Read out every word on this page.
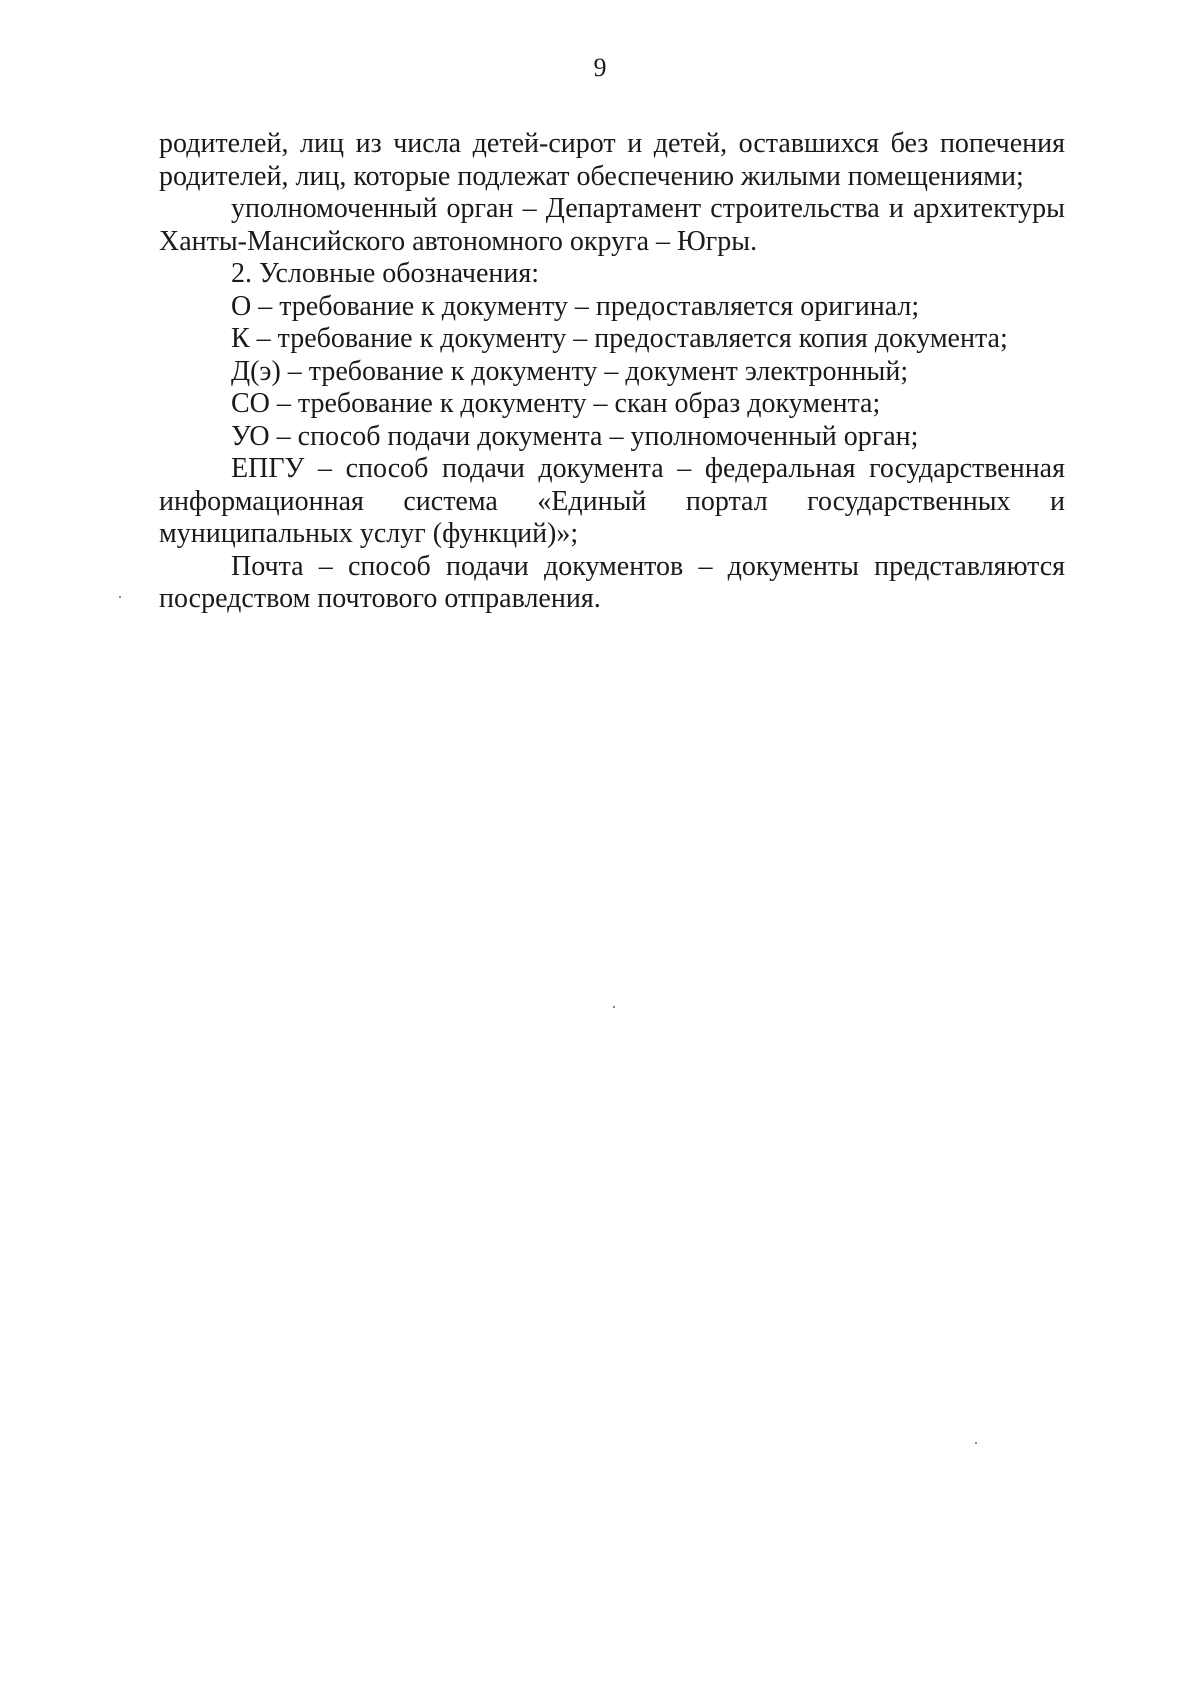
9

родителей, лиц из числа детей-сирот и детей, оставшихся без попечения родителей, лиц, которые подлежат обеспечению жилыми помещениями;

уполномоченный орган – Департамент строительства и архитектуры Ханты-Мансийского автономного округа – Югры.

2. Условные обозначения:

О – требование к документу – предоставляется оригинал;

К – требование к документу – предоставляется копия документа;

Д(э) – требование к документу – документ электронный;

СО – требование к документу – скан образ документа;

УО – способ подачи документа – уполномоченный орган;

ЕПГУ – способ подачи документа – федеральная государственная информационная система «Единый портал государственных и муниципальных услуг (функций)»;

Почта – способ подачи документов – документы представляются посредством почтового отправления.
